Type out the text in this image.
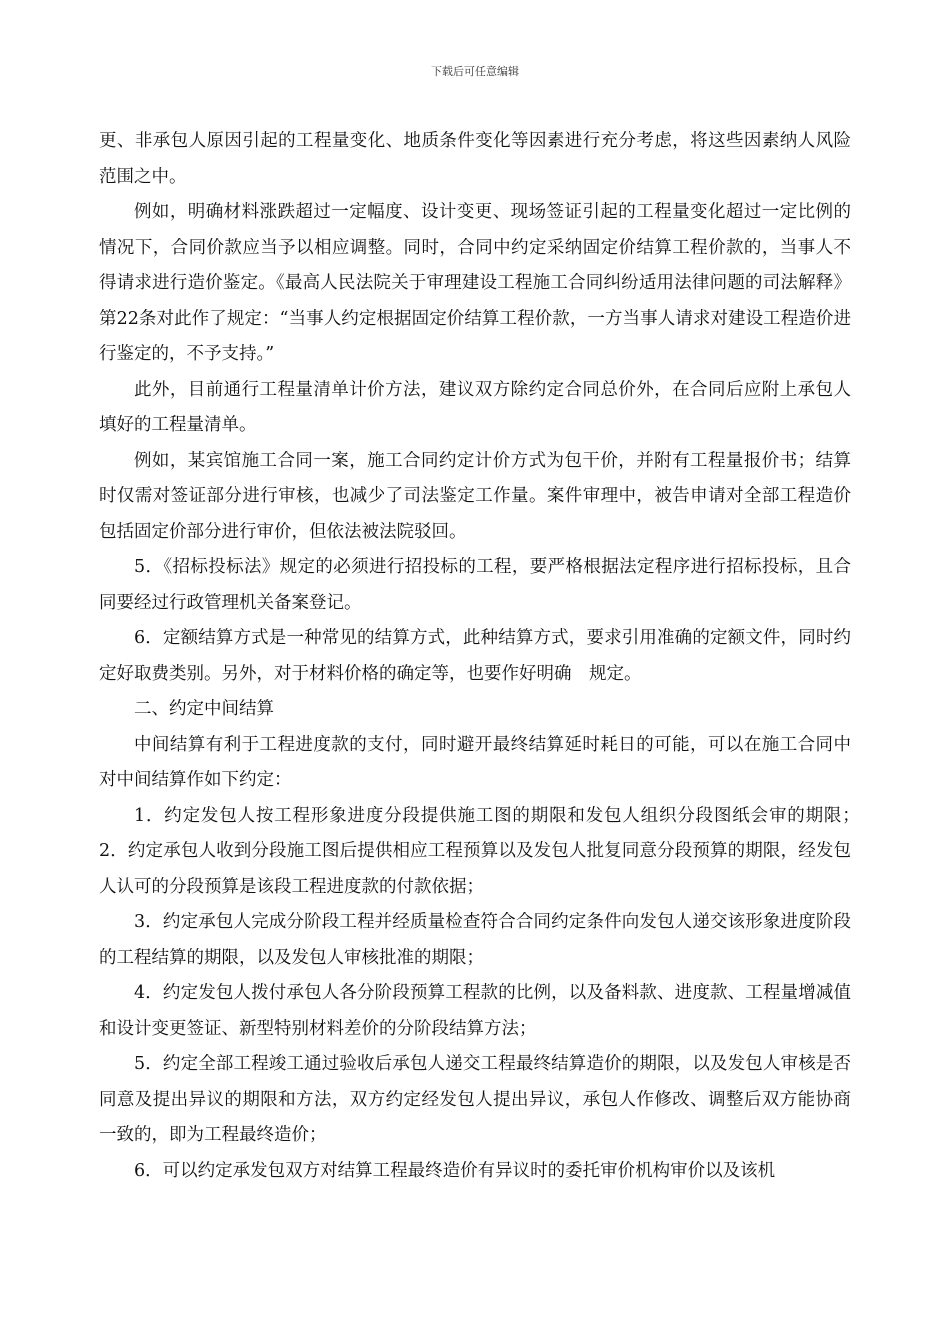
下载后可任意编辑

更、非承包人原因引起的工程量变化、地质条件变化等因素进行充分考虑，将这些因素纳人风险范围之中。

例如，明确材料涨跌超过一定幅度、设计变更、现场签证引起的工程量变化超过一定比例的情况下，合同价款应当予以相应调整。同时，合同中约定采纳固定价结算工程价款的，当事人不得请求进行造价鉴定。《最高人民法院关于审理建设工程施工合同纠纷适用法律问题的司法解释》第22条对此作了规定：“当事人约定根据固定价结算工程价款，一方当事人请求对建设工程造价进行鉴定的，不予支持。”

此外，目前通行工程量清单计价方法，建议双方除约定合同总价外，在合同后应附上承包人填好的工程量清单。

例如，某宾馆施工合同一案，施工合同约定计价方式为包干价，并附有工程量报价书；结算时仅需对签证部分进行审核，也减少了司法鉴定工作量。案件审理中，被告申请对全部工程造价包括固定价部分进行审价，但依法被法院驳回。

5．《招标投标法》规定的必须进行招投标的工程，要严格根据法定程序进行招标投标，且合同要经过行政管理机关备案登记。

6．定额结算方式是一种常见的结算方式，此种结算方式，要求引用准确的定额文件，同时约定好取费类别。另外，对于材料价格的确定等，也要作好明确　规定。

二、约定中间结算

中间结算有利于工程进度款的支付，同时避开最终结算延时耗日的可能，可以在施工合同中对中间结算作如下约定：

1．约定发包人按工程形象进度分段提供施工图的期限和发包人组织分段图纸会审的期限；　2．约定承包人收到分段施工图后提供相应工程预算以及发包人批复同意分段预算的期限，经发包人认可的分段预算是该段工程进度款的付款依据；

3．约定承包人完成分阶段工程并经质量检查符合合同约定条件向发包人递交该形象进度阶段的工程结算的期限，以及发包人审核批准的期限；

4．约定发包人拨付承包人各分阶段预算工程款的比例，以及备料款、进度款、工程量增减值和设计变更签证、新型特别材料差价的分阶段结算方法；

5．约定全部工程竣工通过验收后承包人递交工程最终结算造价的期限，以及发包人审核是否同意及提出异议的期限和方法，双方约定经发包人提出异议，承包人作修改、调整后双方能协商一致的，即为工程最终造价；

6．可以约定承发包双方对结算工程最终造价有异议时的委托审价机构审价以及该机
